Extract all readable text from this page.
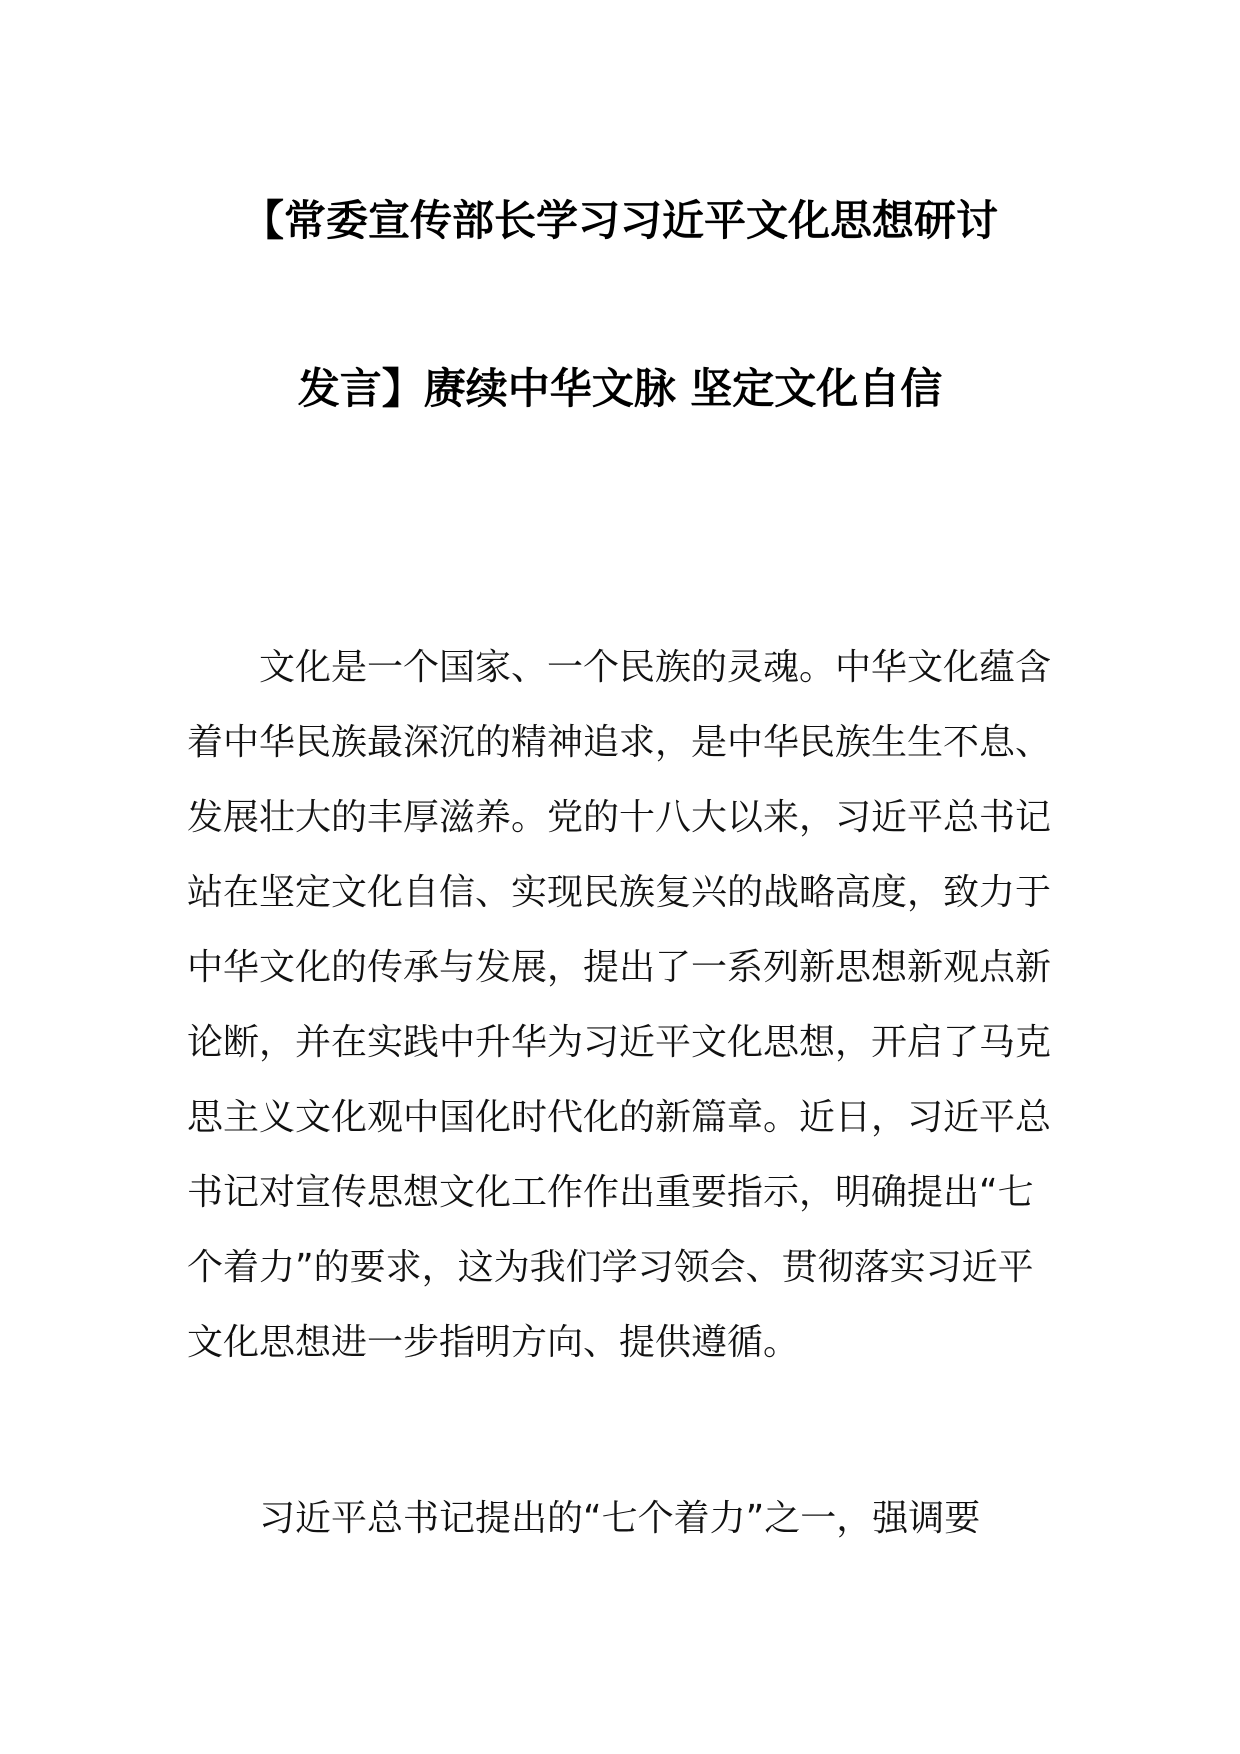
【常委宣传部长学习习近平文化思想研讨
发言】赓续中华文脉 坚定文化自信
文化是一个国家、一个民族的灵魂。中华文化蕴含
着中华民族最深沉的精神追求，是中华民族生生不息、
发展壮大的丰厚滋养。党的十八大以来，习近平总书记
站在坚定文化自信、实现民族复兴的战略高度，致力于
中华文化的传承与发展，提出了一系列新思想新观点新
论断，并在实践中升华为习近平文化思想，开启了马克
思主义文化观中国化时代化的新篇章。近日，习近平总
书记对宣传思想文化工作作出重要指示，明确提出“七
个着力”的要求，这为我们学习领会、贯彻落实习近平
文化思想进一步指明方向、提供遵循。
习近平总书记提出的“七个着力”之一，强调要
